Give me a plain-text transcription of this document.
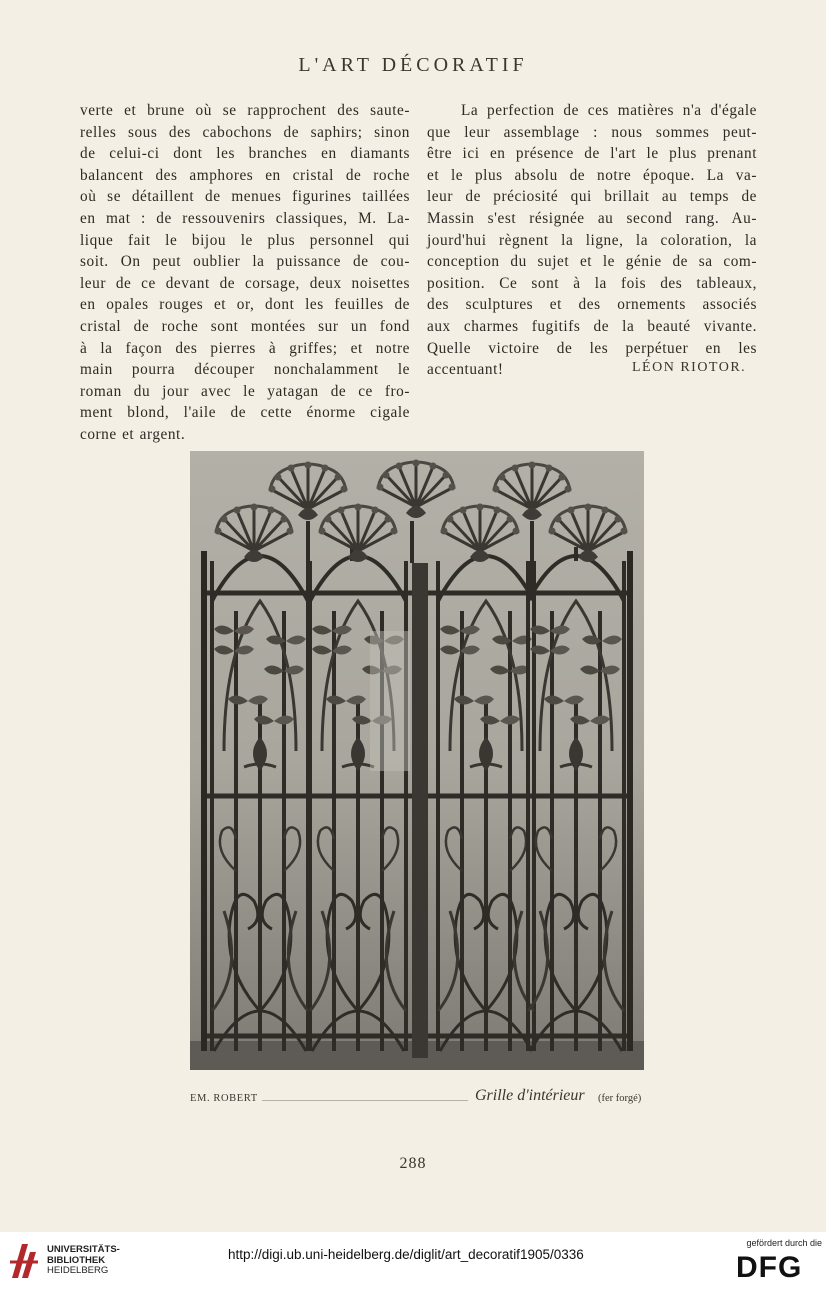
L'ART DÉCORATIF
verte et brune où se rapprochent des saute-
relles sous des cabochons de saphirs; sinon
de celui-ci dont les branches en diamants
balancent des amphores en cristal de roche
où se détaillent de menues figurines taillées
en mat : de ressouvenirs classiques, M. La-
lique fait le bijou le plus personnel qui
soit. On peut oublier la puissance de cou-
leur de ce devant de corsage, deux noisettes
en opales rouges et or, dont les feuilles de
cristal de roche sont montées sur un fond
à la façon des pierres à griffes; et notre
main pourra découper nonchalamment le
roman du jour avec le yatagan de ce fro-
ment blond, l'aile de cette énorme cigale
corne et argent.
La perfection de ces matières n'a d'égale
que leur assemblage : nous sommes peut-
être ici en présence de l'art le plus prenant
et le plus absolu de notre époque. La va-
leur de préciosité qui brillait au temps de
Massin s'est résignée au second rang. Au-
jourd'hui règnent la ligne, la coloration, la
conception du sujet et le génie de sa com-
position. Ce sont à la fois des tableaux,
des sculptures et des ornements associés
aux charmes fugitifs de la beauté vivante.
Quelle victoire de les perpétuer en les
accentuant!	LÉON RIOTOR.
EM. ROBERT	Grille d'intérieur (fer forgé)
288
UNIVERSITÄTS-
BIBLIOTHEK
HEIDELBERG
http://digi.ub.uni-heidelberg.de/diglit/art_decoratif1905/0336
gefördert durch die
DFG
